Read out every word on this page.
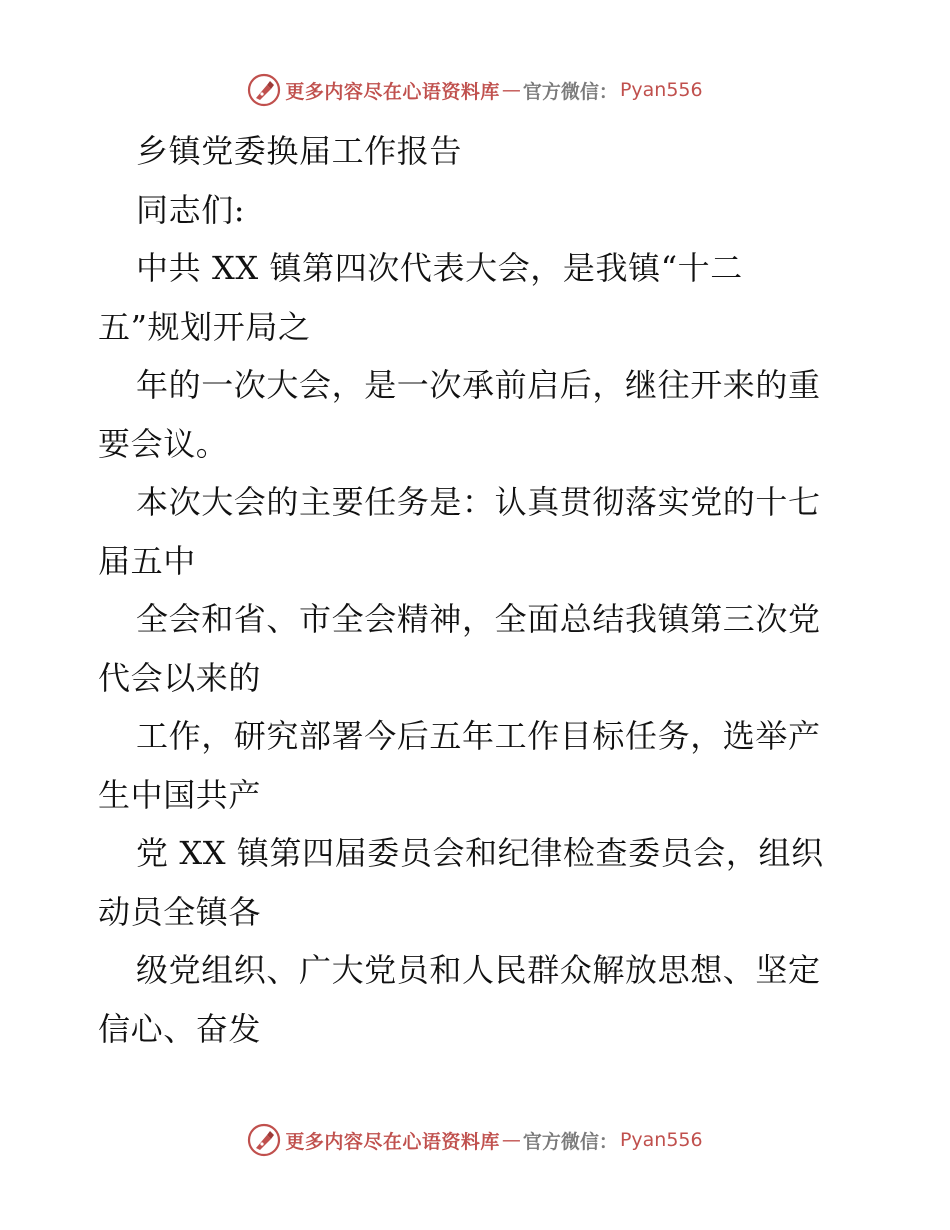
更多内容尽在心语资料库 — 官方微信： Pyan556
乡镇党委换届工作报告
同志们:
中共 XX 镇第四次代表大会，是我镇“十二
五”规划开局之
年的一次大会，是一次承前启后，继往开来的重
要会议。
本次大会的主要任务是：认真贯彻落实党的十七
届五中
全会和省、市全会精神，全面总结我镇第三次党
代会以来的
工作，研究部署今后五年工作目标任务，选举产
生中国共产
党 XX 镇第四届委员会和纪律检查委员会，组织
动员全镇各
级党组织、广大党员和人民群众解放思想、坚定
信心、奋发
更多内容尽在心语资料库 — 官方微信： Pyan556
